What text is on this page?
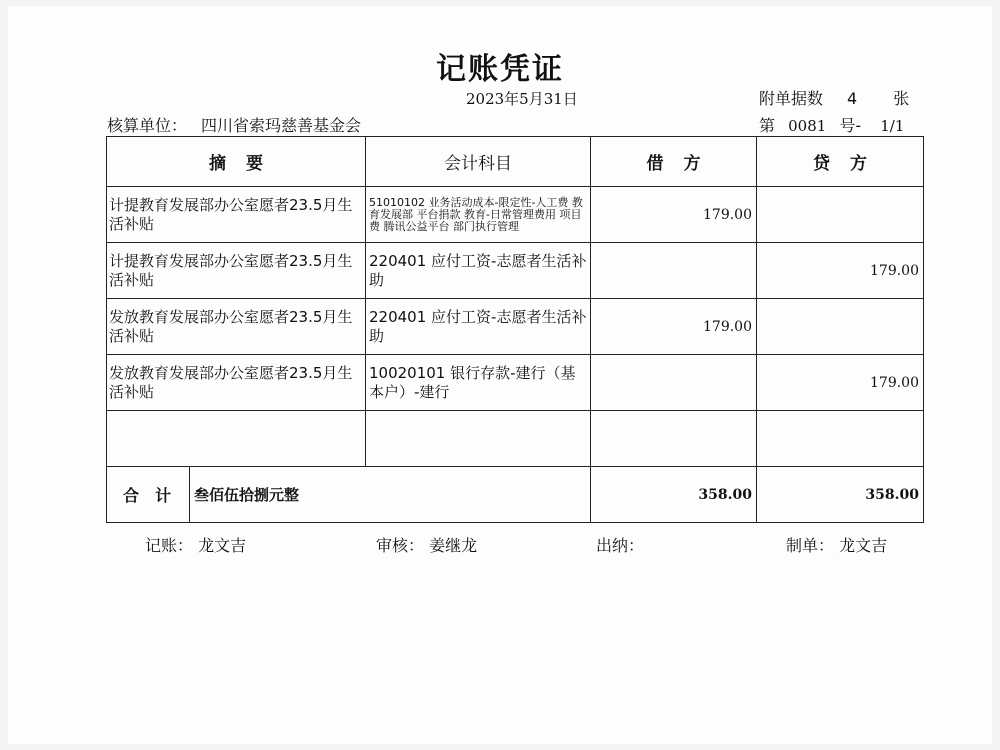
记账凭证
2023年5月31日	附单据数 4 张
核算单位： 四川省索玛慈善基金会	第 0081 号- 1/1
摘要	会计科目	借方	贷方
计提教育发展部办公室愿者23.5月生活补贴	51010102 业务活动成本-限定性-人工费 教育发展部 平台捐款 教育-日常管理费用 项目费 腾讯公益平台 部门执行管理	179.00	
计提教育发展部办公室愿者23.5月生活补贴	220401 应付工资-志愿者生活补助		179.00
发放教育发展部办公室愿者23.5月生活补贴	220401 应付工资-志愿者生活补助	179.00	
发放教育发展部办公室愿者23.5月生活补贴	10020101 银行存款-建行（基本户）-建行		179.00

合计 叁佰伍拾捌元整		358.00	358.00
记账： 龙文吉	审核： 姜继龙	出纳：	制单： 龙文吉
